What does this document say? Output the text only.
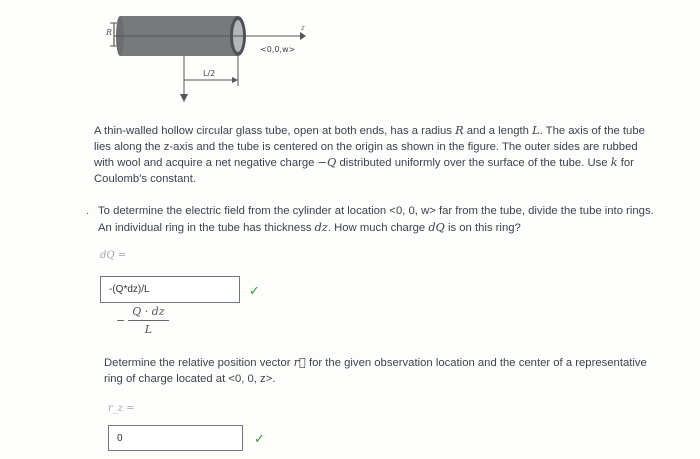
R	z
<0,0,w>
L/2
A thin-walled hollow circular glass tube, open at both ends, has a radius R and a length L. The axis of the tube lies along the z-axis and the tube is centered on the origin as shown in the figure. The outer sides are rubbed with wool and acquire a net negative charge −Q distributed uniformly over the surface of the tube. Use k for Coulomb's constant.
. To determine the electric field from the cylinder at location <0, 0, w> far from the tube, divide the tube into rings. An individual ring in the tube has thickness dz. How much charge dQ is on this ring?
dQ =
-(Q*dz)/L	✓
− $\frac{Q \cdot dz}{L}$
Determine the relative position vector r⃗ for the given observation location and the center of a representative ring of charge located at <0, 0, z>.
r_z =
0	✓
